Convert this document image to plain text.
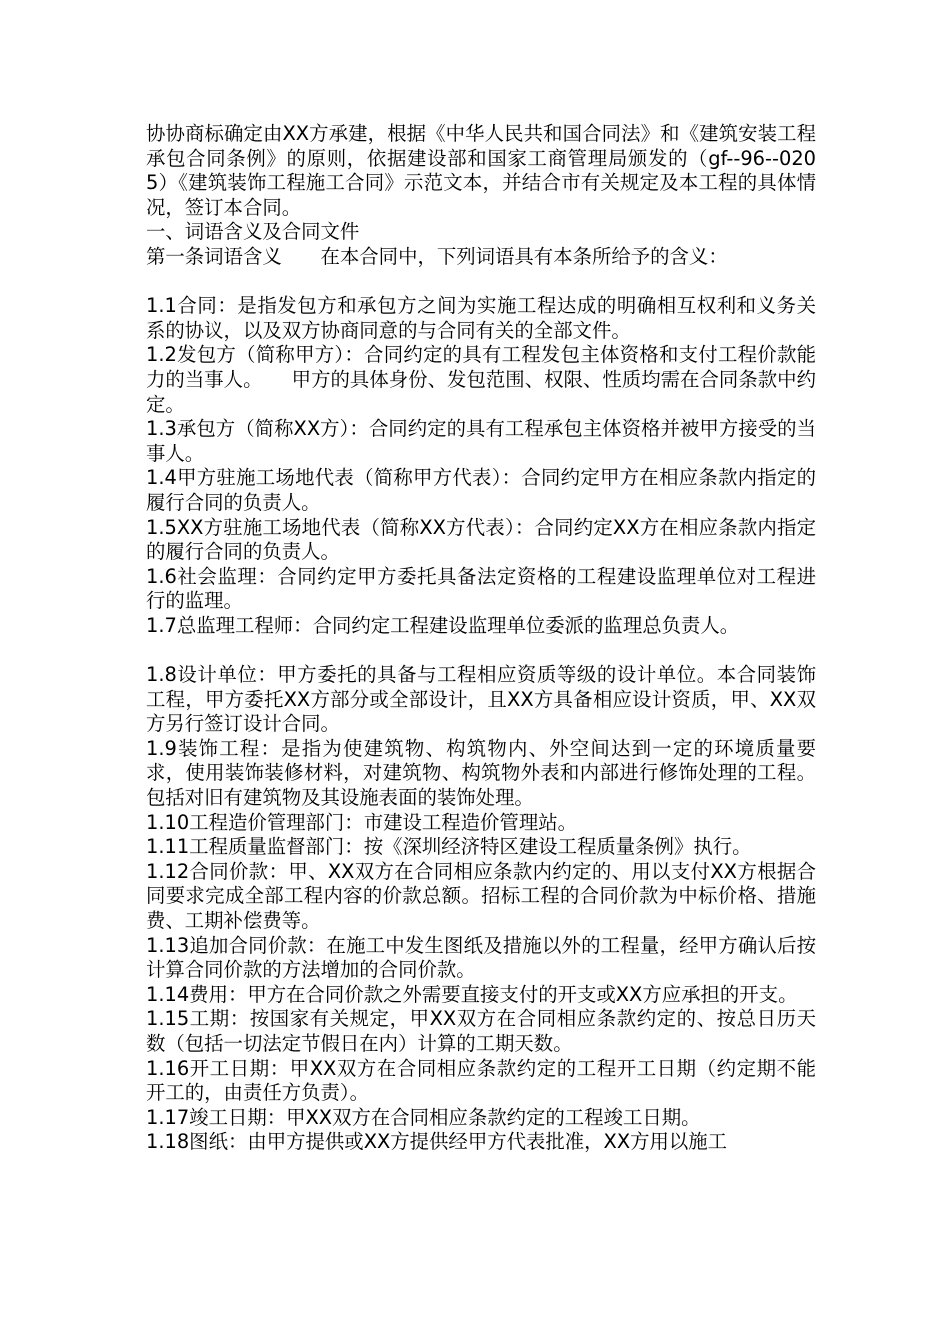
协协商标确定由XX方承建，根据《中华人民共和国合同法》和《建筑安装工程承包合同条例》的原则，依据建设部和国家工商管理局颁发的（gf--96--0205）《建筑装饰工程施工合同》示范文本，并结合市有关规定及本工程的具体情况，签订本合同。

一、词语含义及合同文件

第一条词语含义　　在本合同中，下列词语具有本条所给予的含义：

1.1合同：是指发包方和承包方之间为实施工程达成的明确相互权利和义务关系的协议，以及双方协商同意的与合同有关的全部文件。

1.2发包方（简称甲方）：合同约定的具有工程发包主体资格和支付工程价款能力的当事人。　　甲方的具体身份、发包范围、权限、性质均需在合同条款中约定。

1.3承包方（简称XX方）：合同约定的具有工程承包主体资格并被甲方接受的当事人。

1.4甲方驻施工场地代表（简称甲方代表）：合同约定甲方在相应条款内指定的履行合同的负责人。

1.5XX方驻施工场地代表（简称XX方代表）：合同约定XX方在相应条款内指定的履行合同的负责人。

1.6社会监理：合同约定甲方委托具备法定资格的工程建设监理单位对工程进行的监理。

1.7总监理工程师：合同约定工程建设监理单位委派的监理总负责人。

1.8设计单位：甲方委托的具备与工程相应资质等级的设计单位。本合同装饰工程，甲方委托XX方部分或全部设计，且XX方具备相应设计资质，甲、XX双方另行签订设计合同。

1.9装饰工程：是指为使建筑物、构筑物内、外空间达到一定的环境质量要求，使用装饰装修材料，对建筑物、构筑物外表和内部进行修饰处理的工程。包括对旧有建筑物及其设施表面的装饰处理。

1.10工程造价管理部门：市建设工程造价管理站。

1.11工程质量监督部门：按《深圳经济特区建设工程质量条例》执行。

1.12合同价款：甲、XX双方在合同相应条款内约定的、用以支付XX方根据合同要求完成全部工程内容的价款总额。招标工程的合同价款为中标价格、措施费、工期补偿费等。

1.13追加合同价款：在施工中发生图纸及措施以外的工程量，经甲方确认后按计算合同价款的方法增加的合同价款。

1.14费用：甲方在合同价款之外需要直接支付的开支或XX方应承担的开支。

1.15工期：按国家有关规定，甲XX双方在合同相应条款约定的、按总日历天数（包括一切法定节假日在内）计算的工期天数。

1.16开工日期：甲XX双方在合同相应条款约定的工程开工日期（约定期不能开工的，由责任方负责）。

1.17竣工日期：甲XX双方在合同相应条款约定的工程竣工日期。

1.18图纸：由甲方提供或XX方提供经甲方代表批准，XX方用以施工
